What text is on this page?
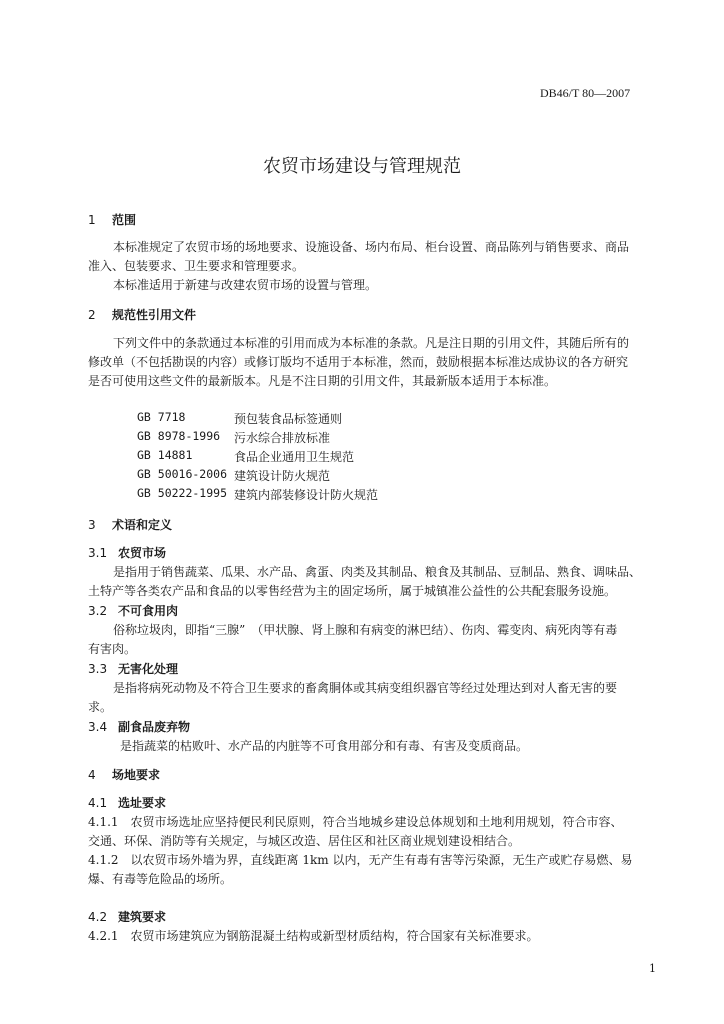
DB46/T 80—2007
农贸市场建设与管理规范
1 范围
本标准规定了农贸市场的场地要求、设施设备、场内布局、柜台设置、商品陈列与销售要求、商品
准入、包装要求、卫生要求和管理要求。
本标准适用于新建与改建农贸市场的设置与管理。
2 规范性引用文件
下列文件中的条款通过本标准的引用而成为本标准的条款。凡是注日期的引用文件，其随后所有的
修改单（不包括勘误的内容）或修订版均不适用于本标准，然而，鼓励根据本标准达成协议的各方研究
是否可使用这些文件的最新版本。凡是不注日期的引用文件，其最新版本适用于本标准。
GB 7718	预包装食品标签通则
GB 8978-1996 污水综合排放标准
GB 14881	食品企业通用卫生规范
GB 50016-2006 建筑设计防火规范
GB 50222-1995 建筑内部装修设计防火规范
3 术语和定义
3.1 农贸市场
是指用于销售蔬菜、瓜果、水产品、禽蛋、肉类及其制品、粮食及其制品、豆制品、熟食、调味品、
土特产等各类农产品和食品的以零售经营为主的固定场所，属于城镇准公益性的公共配套服务设施。
3.2 不可食用肉
俗称垃圾肉，即指“三腺”　（甲状腺、肾上腺和有病变的淋巴结）、伤肉、霉变肉、病死肉等有毒
有害肉。
3.3 无害化处理
是指将病死动物及不符合卫生要求的畜禽胴体或其病变组织器官等经过处理达到对人畜无害的要
求。
3.4 副食品废弃物
是指蔬菜的枯败叶、水产品的内脏等不可食用部分和有毒、有害及变质商品。
4 场地要求
4.1 选址要求
4.1.1　农贸市场选址应坚持便民利民原则，符合当地城乡建设总体规划和土地利用规划，符合市容、
交通、环保、消防等有关规定，与城区改造、居住区和社区商业规划建设相结合。
4.1.2　以农贸市场外墙为界，直线距离 1km 以内，无产生有毒有害等污染源，无生产或贮存易燃、易
爆、有毒等危险品的场所。
4.2 建筑要求
4.2.1　农贸市场建筑应为钢筋混凝土结构或新型材质结构，符合国家有关标准要求。
1
